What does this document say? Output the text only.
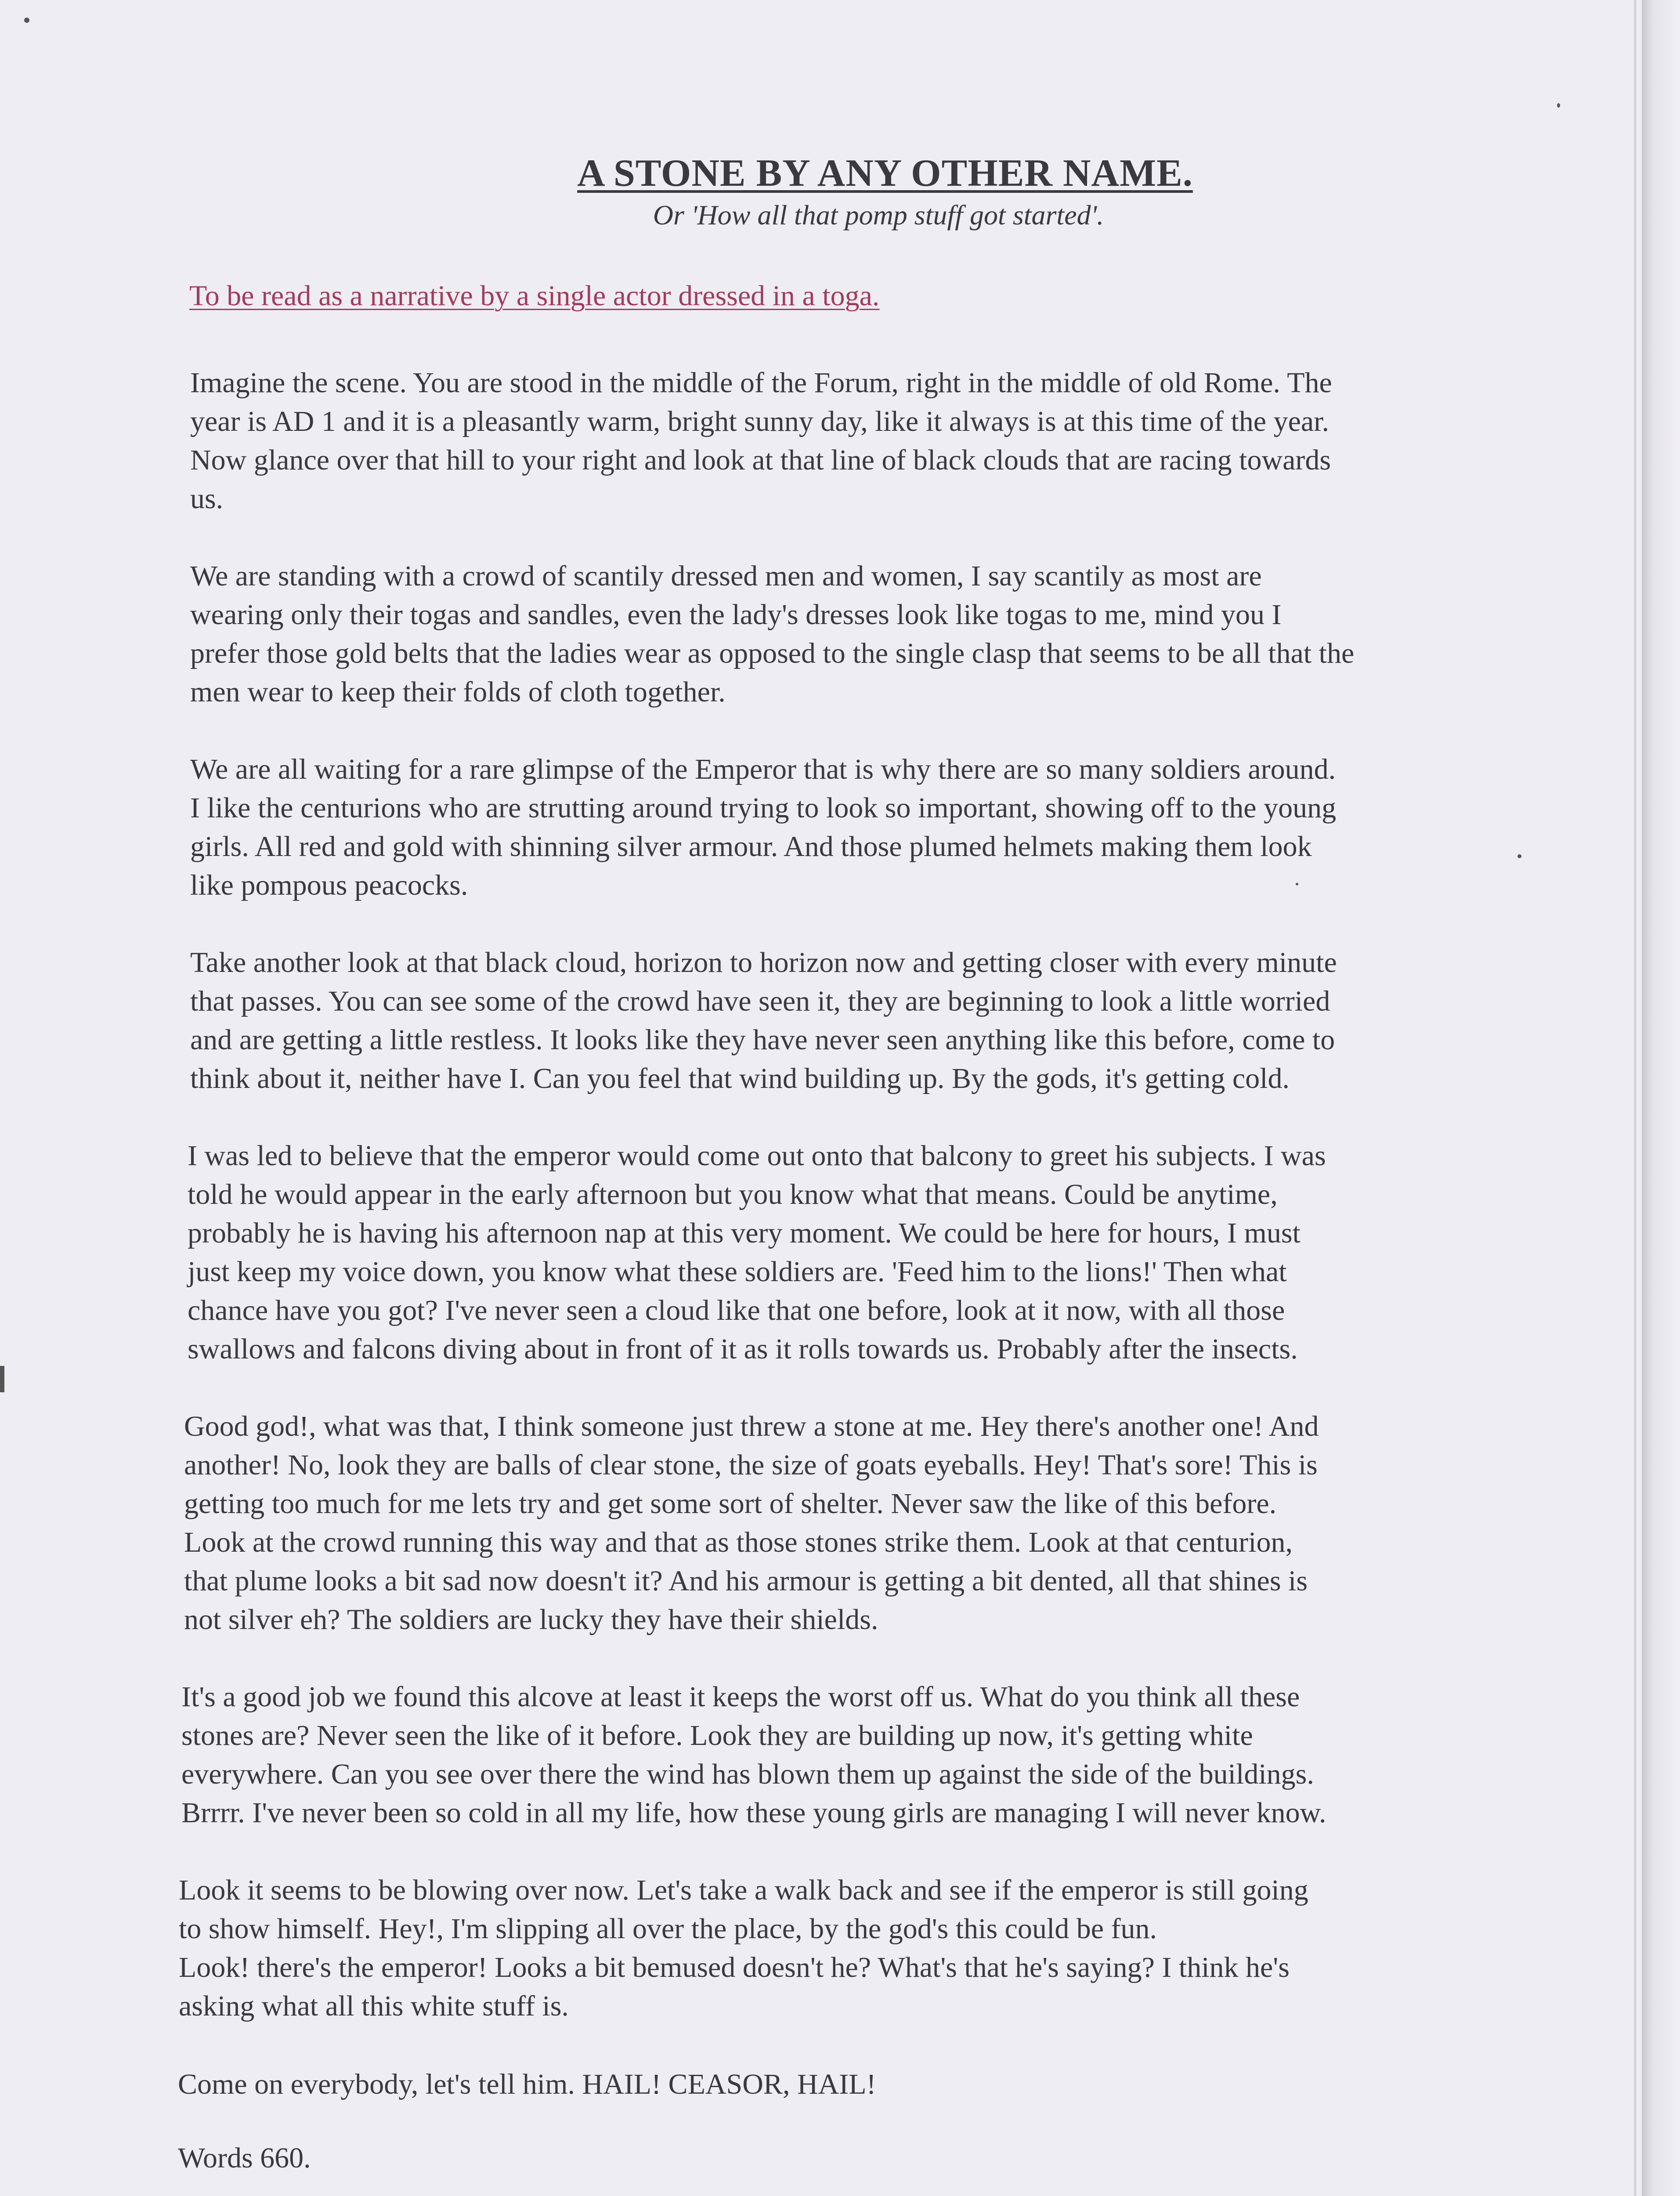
A STONE BY ANY OTHER NAME.

Or 'How all that pomp stuff got started'.

To be read as a narrative by a single actor dressed in a toga.

Imagine the scene. You are stood in the middle of the Forum, right in the middle of old Rome. The
year is AD 1 and it is a pleasantly warm, bright sunny day, like it always is at this time of the year.
Now glance over that hill to your right and look at that line of black clouds that are racing towards
us.

We are standing with a crowd of scantily dressed men and women, I say scantily as most are
wearing only their togas and sandles, even the lady's dresses look like togas to me, mind you I
prefer those gold belts that the ladies wear as opposed to the single clasp that seems to be all that the
men wear to keep their folds of cloth together.

We are all waiting for a rare glimpse of the Emperor that is why there are so many soldiers around.
I like the centurions who are strutting around trying to look so important, showing off to the young
girls. All red and gold with shinning silver armour. And those plumed helmets making them look
like pompous peacocks.

Take another look at that black cloud, horizon to horizon now and getting closer with every minute
that passes. You can see some of the crowd have seen it, they are beginning to look a little worried
and are getting a little restless. It looks like they have never seen anything like this before, come to
think about it, neither have I. Can you feel that wind building up. By the gods, it's getting cold.

I was led to believe that the emperor would come out onto that balcony to greet his subjects. I was
told he would appear in the early afternoon but you know what that means. Could be anytime,
probably he is having his afternoon nap at this very moment. We could be here for hours, I must
just keep my voice down, you know what these soldiers are. 'Feed him to the lions!' Then what
chance have you got? I've never seen a cloud like that one before, look at it now, with all those
swallows and falcons diving about in front of it as it rolls towards us. Probably after the insects.

Good god!, what was that, I think someone just threw a stone at me. Hey there's another one! And
another! No, look they are balls of clear stone, the size of goats eyeballs. Hey! That's sore! This is
getting too much for me lets try and get some sort of shelter. Never saw the like of this before.
Look at the crowd running this way and that as those stones strike them. Look at that centurion,
that plume looks a bit sad now doesn't it? And his armour is getting a bit dented, all that shines is
not silver eh? The soldiers are lucky they have their shields.

It's a good job we found this alcove at least it keeps the worst off us. What do you think all these
stones are? Never seen the like of it before. Look they are building up now, it's getting white
everywhere. Can you see over there the wind has blown them up against the side of the buildings.
Brrrr. I've never been so cold in all my life, how these young girls are managing I will never know.

Look it seems to be blowing over now. Let's take a walk back and see if the emperor is still going
to show himself. Hey!, I'm slipping all over the place, by the god's this could be fun.
Look! there's the emperor! Looks a bit bemused doesn't he? What's that he's saying? I think he's
asking what all this white stuff is.

Come on everybody, let's tell him. HAIL! CEASOR, HAIL!

Words 660.
